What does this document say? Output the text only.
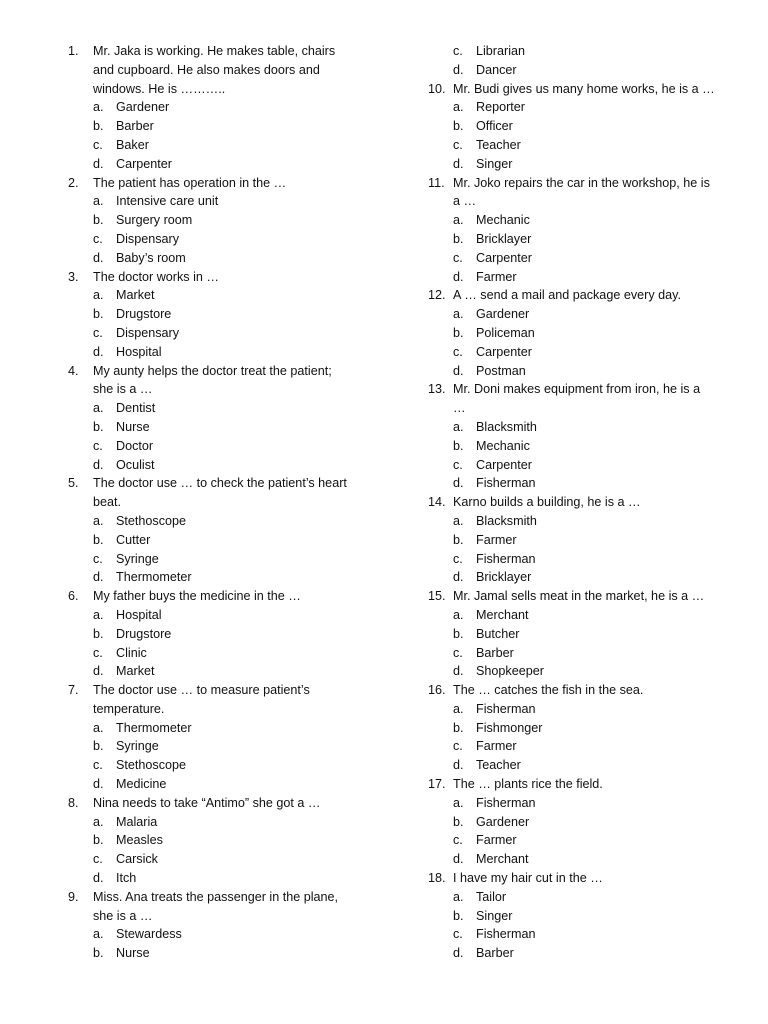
1.	Mr. Jaka is working. He makes table, chairs
and cupboard. He also makes doors and
windows. He is ………..
a. Gardener
b. Barber
c. Baker
d. Carpenter
2.	The patient has operation in the …
a. Intensive care unit
b. Surgery room
c. Dispensary
d. Baby’s room
3.	The doctor works in …
a. Market
b. Drugstore
c. Dispensary
d. Hospital
4.	My aunty helps the doctor treat the patient;
she is a …
a. Dentist
b. Nurse
c. Doctor
d. Oculist
5.	The doctor use … to check the patient’s heart
beat.
a. Stethoscope
b. Cutter
c. Syringe
d. Thermometer
6.	My father buys the medicine in the …
a. Hospital
b. Drugstore
c. Clinic
d. Market
7.	The doctor use … to measure patient’s
temperature.
a. Thermometer
b. Syringe
c. Stethoscope
d. Medicine
8.	Nina needs to take “Antimo” she got a …
a. Malaria
b. Measles
c. Carsick
d. Itch
9.	Miss. Ana treats the passenger in the plane,
she is a …
a. Stewardess
b. Nurse
c. Librarian
d. Dancer
10. Mr. Budi gives us many home works, he is a …
a. Reporter
b. Officer
c. Teacher
d. Singer
11. Mr. Joko repairs the car in the workshop, he is
a …
a. Mechanic
b. Bricklayer
c. Carpenter
d. Farmer
12. A … send a mail and package every day.
a. Gardener
b. Policeman
c. Carpenter
d. Postman
13. Mr. Doni makes equipment from iron, he is a
…
a. Blacksmith
b. Mechanic
c. Carpenter
d. Fisherman
14. Karno builds a building, he is a …
a. Blacksmith
b. Farmer
c. Fisherman
d. Bricklayer
15. Mr. Jamal sells meat in the market, he is a …
a. Merchant
b. Butcher
c. Barber
d. Shopkeeper
16. The … catches the fish in the sea.
a. Fisherman
b. Fishmonger
c. Farmer
d. Teacher
17. The … plants rice the field.
a. Fisherman
b. Gardener
c. Farmer
d. Merchant
18. I have my hair cut in the …
a. Tailor
b. Singer
c. Fisherman
d. Barber
